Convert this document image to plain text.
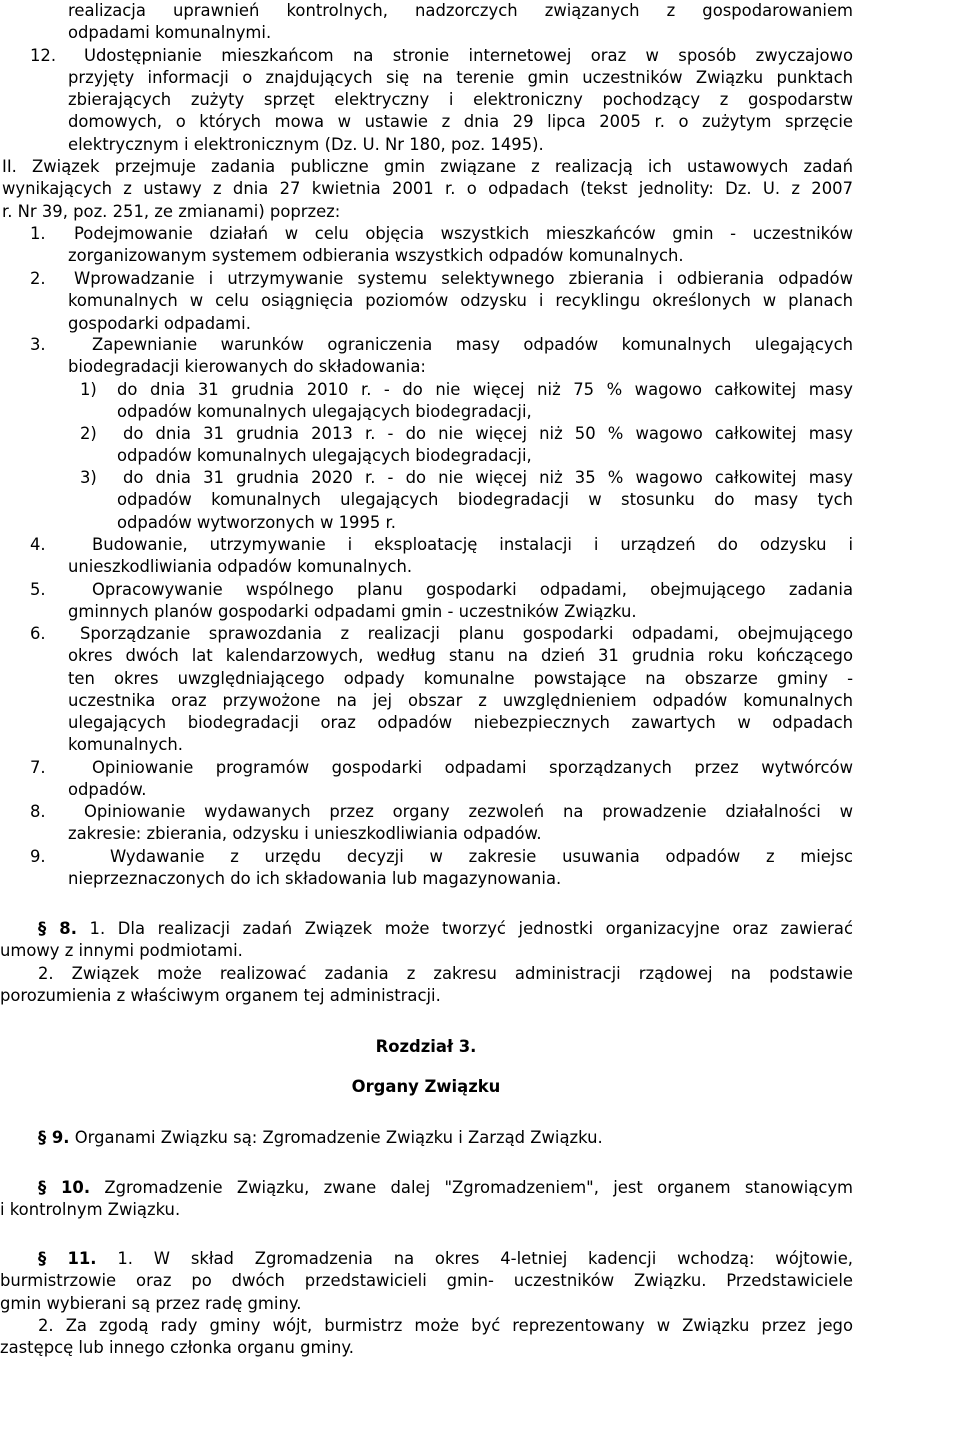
realizacja uprawnień kontrolnych, nadzorczych związanych z gospodarowaniem
odpadami komunalnymi.
12.	Udostępnianie mieszkańcom na stronie internetowej oraz w sposób zwyczajowo
przyjęty informacji o znajdujących się na terenie gmin uczestników Związku punktach
zbierających zużyty sprzęt elektryczny i elektroniczny pochodzący z gospodarstw
domowych, o których mowa w ustawie z dnia 29 lipca 2005 r. o zużytym sprzęcie
elektrycznym i elektronicznym (Dz. U. Nr 180, poz. 1495).
II. Związek przejmuje zadania publiczne gmin związane z realizacją ich ustawowych zadań
wynikających z ustawy z dnia 27 kwietnia 2001 r. o odpadach (tekst jednolity: Dz. U. z 2007
r. Nr 39, poz. 251, ze zmianami) poprzez:
1.	Podejmowanie działań w celu objęcia wszystkich mieszkańców gmin - uczestników
zorganizowanym systemem odbierania wszystkich odpadów komunalnych.
2.	Wprowadzanie i utrzymywanie systemu selektywnego zbierania i odbierania odpadów
komunalnych w celu osiągnięcia poziomów odzysku i recyklingu określonych w planach
gospodarki odpadami.
3.	Zapewnianie warunków ograniczenia masy odpadów komunalnych ulegających
biodegradacji kierowanych do składowania:
1)	do dnia 31 grudnia 2010 r. - do nie więcej niż 75 % wagowo całkowitej masy
odpadów komunalnych ulegających biodegradacji,
2)	do dnia 31 grudnia 2013 r. - do nie więcej niż 50 % wagowo całkowitej masy
odpadów komunalnych ulegających biodegradacji,
3)	do dnia 31 grudnia 2020 r. - do nie więcej niż 35 % wagowo całkowitej masy
odpadów komunalnych ulegających biodegradacji w stosunku do masy tych
odpadów wytworzonych w 1995 r.
4.	Budowanie, utrzymywanie i eksploatację instalacji i urządzeń do odzysku i
unieszkodliwiania odpadów komunalnych.
5.	Opracowywanie wspólnego planu gospodarki odpadami, obejmującego zadania
gminnych planów gospodarki odpadami gmin - uczestników Związku.
6.	Sporządzanie sprawozdania z realizacji planu gospodarki odpadami, obejmującego
okres dwóch lat kalendarzowych, według stanu na dzień 31 grudnia roku kończącego
ten okres uwzględniającego odpady komunalne powstające na obszarze gminy -
uczestnika oraz przywożone na jej obszar z uwzględnieniem odpadów komunalnych
ulegających biodegradacji oraz odpadów niebezpiecznych zawartych w odpadach
komunalnych.
7.	Opiniowanie programów gospodarki odpadami sporządzanych przez wytwórców
odpadów.
8.	Opiniowanie wydawanych przez organy zezwoleń na prowadzenie działalności w
zakresie: zbierania, odzysku i unieszkodliwiania odpadów.
9.	Wydawanie z urzędu decyzji w zakresie usuwania odpadów z miejsc
nieprzeznaczonych do ich składowania lub magazynowania.
§ 8. 1. Dla realizacji zadań Związek może tworzyć jednostki organizacyjne oraz zawierać
umowy z innymi podmiotami.
2. Związek może realizować zadania z zakresu administracji rządowej na podstawie
porozumienia z właściwym organem tej administracji.
Rozdział 3.
Organy Związku
§ 9. Organami Związku są: Zgromadzenie Związku i Zarząd Związku.
§ 10. Zgromadzenie Związku, zwane dalej "Zgromadzeniem", jest organem stanowiącym
i kontrolnym Związku.
§ 11. 1. W skład Zgromadzenia na okres 4-letniej kadencji wchodzą: wójtowie,
burmistrzowie oraz po dwóch przedstawicieli gmin- uczestników Związku. Przedstawiciele
gmin wybierani są przez radę gminy.
2. Za zgodą rady gminy wójt, burmistrz może być reprezentowany w Związku przez jego
zastępcę lub innego członka organu gminy.
